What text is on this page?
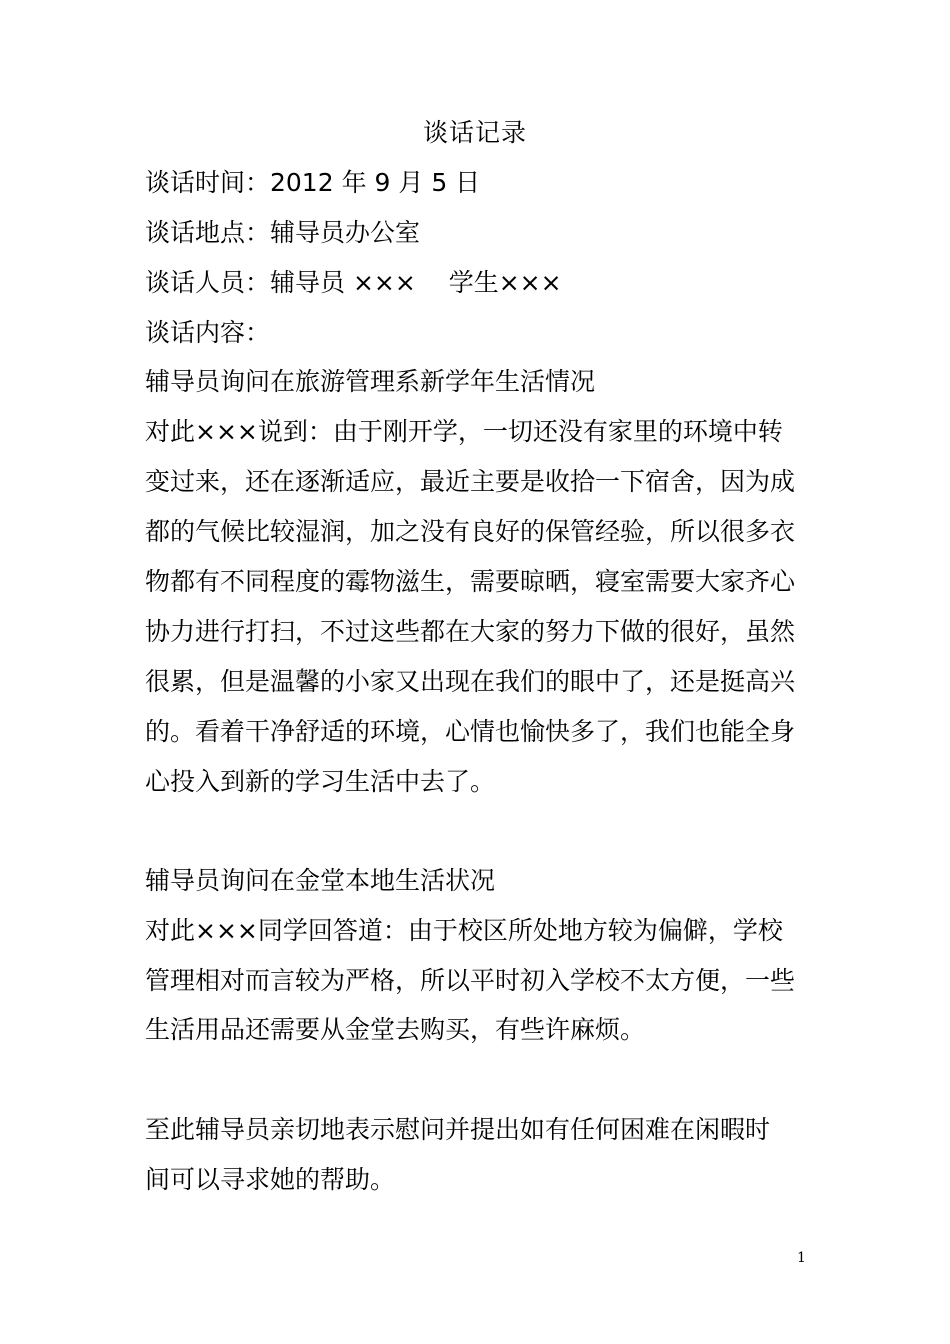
谈话记录
谈话时间：2012 年 9 月 5 日
谈话地点：辅导员办公室
谈话人员：辅导员 ×××　 学生×××
谈话内容：
辅导员询问在旅游管理系新学年生活情况
对此×××说到：由于刚开学，一切还没有家里的环境中转
变过来，还在逐渐适应，最近主要是收拾一下宿舍，因为成
都的气候比较湿润，加之没有良好的保管经验，所以很多衣
物都有不同程度的霉物滋生，需要晾晒，寝室需要大家齐心
协力进行打扫，不过这些都在大家的努力下做的很好，虽然
很累，但是温馨的小家又出现在我们的眼中了，还是挺高兴
的。看着干净舒适的环境，心情也愉快多了，我们也能全身
心投入到新的学习生活中去了。
辅导员询问在金堂本地生活状况
对此×××同学回答道：由于校区所处地方较为偏僻，学校
管理相对而言较为严格，所以平时初入学校不太方便，一些
生活用品还需要从金堂去购买，有些许麻烦。
至此辅导员亲切地表示慰问并提出如有任何困难在闲暇时
间可以寻求她的帮助。
1
